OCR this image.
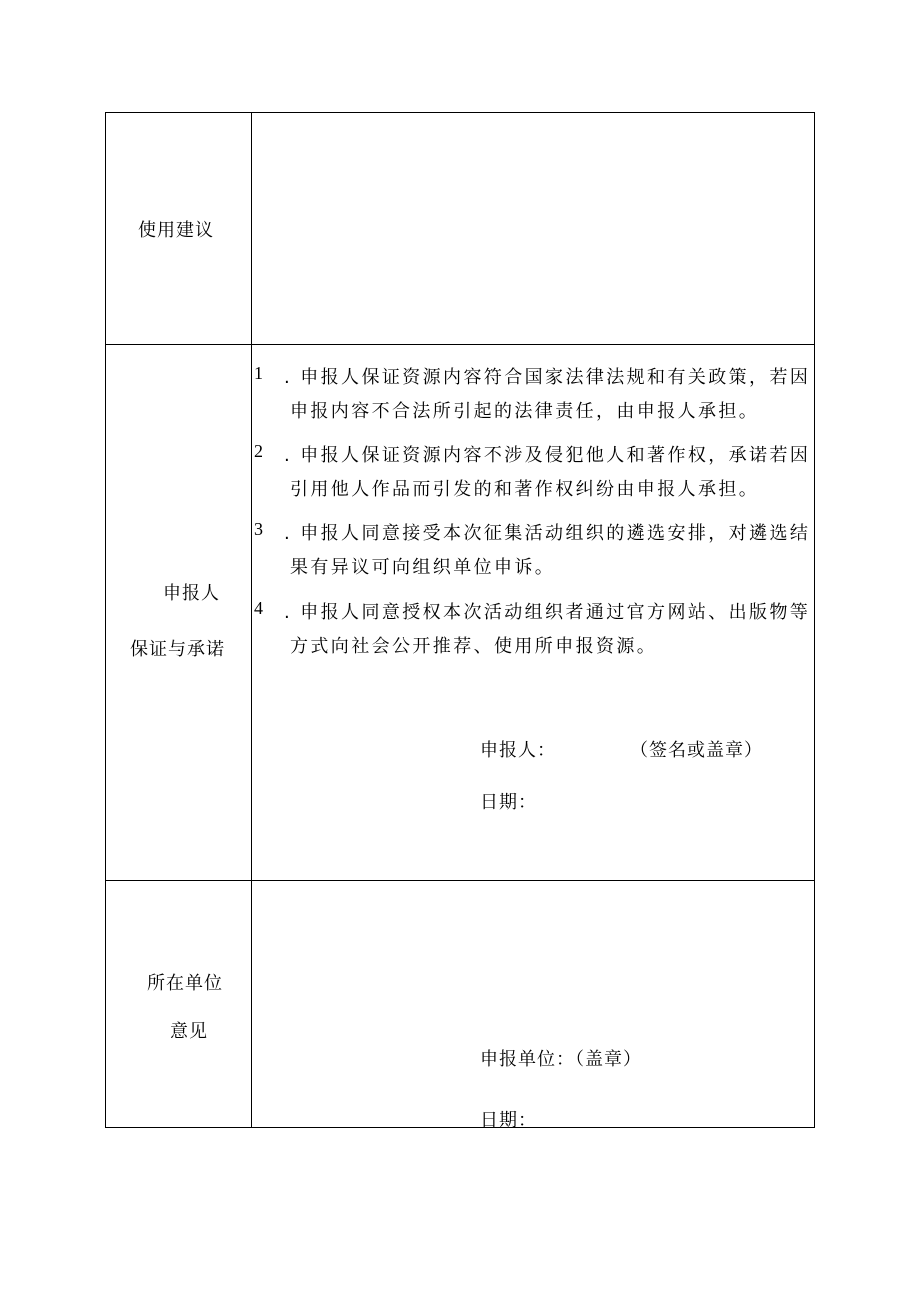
使用建议
申报人
保证与承诺
1 . 申报人保证资源内容符合国家法律法规和有关政策，若因
申报内容不合法所引起的法律责任，由申报人承担。
2 . 申报人保证资源内容不涉及侵犯他人和著作权，承诺若因
引用他人作品而引发的和著作权纠纷由申报人承担。
3 . 申报人同意接受本次征集活动组织的遴选安排，对遴选结
果有异议可向组织单位申诉。
4 . 申报人同意授权本次活动组织者通过官方网站、出版物等
方式向社会公开推荐、使用所申报资源。
申报人：	（签名或盖章）
日期：
所在单位
意见
申报单位：（盖章）
日期：
